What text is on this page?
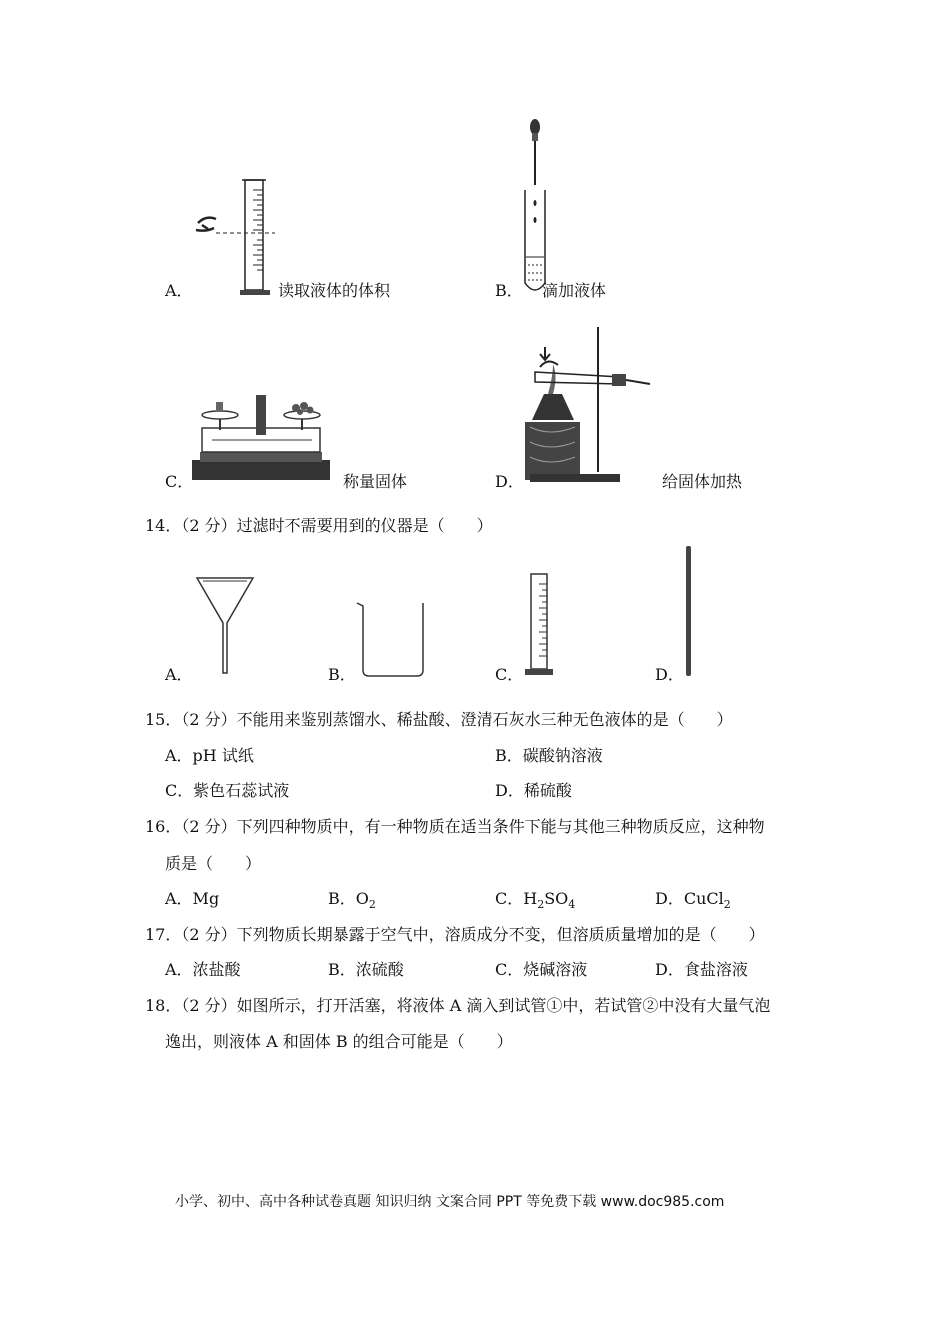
A．	读取液体的体积	B． 滴加液体
C．	称量固体	D．	给固体加热
14．（2 分）过滤时不需要用到的仪器是（　　）
A．	B．	C．	D．
15．（2 分）不能用来鉴别蒸馏水、稀盐酸、澄清石灰水三种无色液体的是（　　）
A．pH 试纸	B．碳酸钠溶液
C．紫色石蕊试液	D．稀硫酸
16．（2 分）下列四种物质中，有一种物质在适当条件下能与其他三种物质反应，这种物
质是（　　）
A．Mg	B．$O_2$	C．$H_2SO_4$	D．CuCl$_2$
17．（2 分）下列物质长期暴露于空气中，溶质成分不变，但溶质质量增加的是（　　）
A．浓盐酸	B．浓硫酸	C．烧碱溶液	D．食盐溶液
18．（2 分）如图所示，打开活塞，将液体 A 滴入到试管①中，若试管②中没有大量气泡
逸出，则液体 A 和固体 B 的组合可能是（　　）
小学、初中、高中各种试卷真题 知识归纳 文案合同 PPT 等免费下载 www.doc985.com
